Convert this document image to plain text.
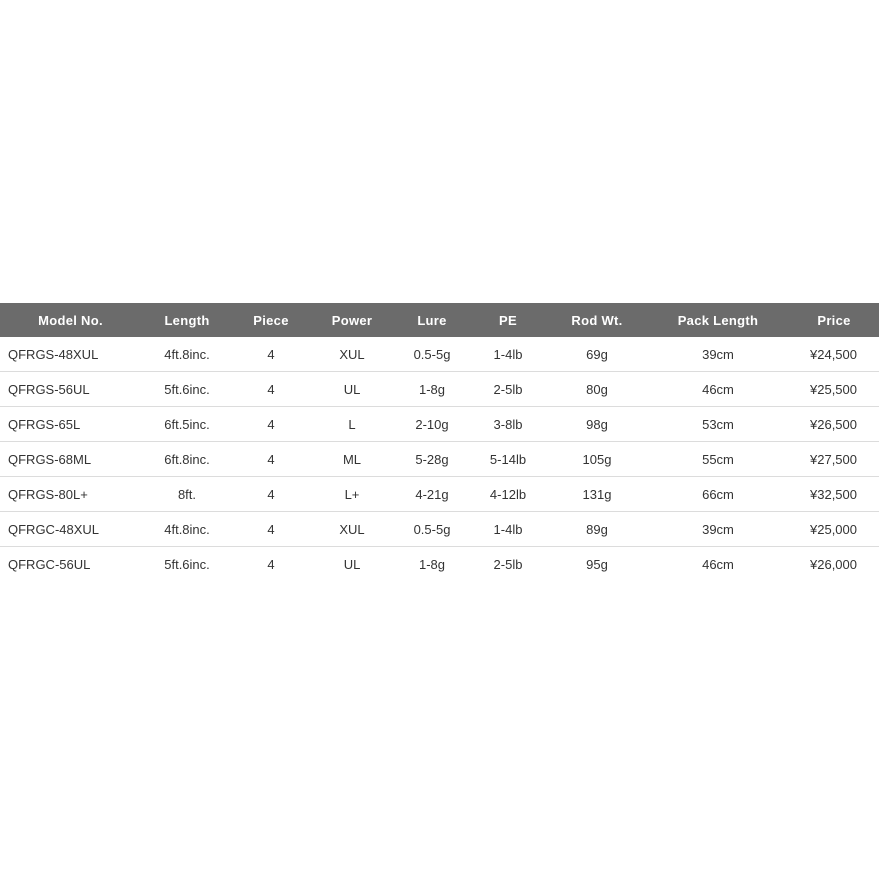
Model No.	Length	Piece	Power	Lure	PE	Rod Wt.	Pack Length	Price
QFRGS-48XUL	4ft.8inc.	4	XUL	0.5-5g	1-4lb	69g	39cm	¥24,500
QFRGS-56UL	5ft.6inc.	4	UL	1-8g	2-5lb	80g	46cm	¥25,500
QFRGS-65L	6ft.5inc.	4	L	2-10g	3-8lb	98g	53cm	¥26,500
QFRGS-68ML	6ft.8inc.	4	ML	5-28g	5-14lb	105g	55cm	¥27,500
QFRGS-80L+	8ft.	4	L+	4-21g	4-12lb	131g	66cm	¥32,500
QFRGC-48XUL	4ft.8inc.	4	XUL	0.5-5g	1-4lb	89g	39cm	¥25,000
QFRGC-56UL	5ft.6inc.	4	UL	1-8g	2-5lb	95g	46cm	¥26,000
